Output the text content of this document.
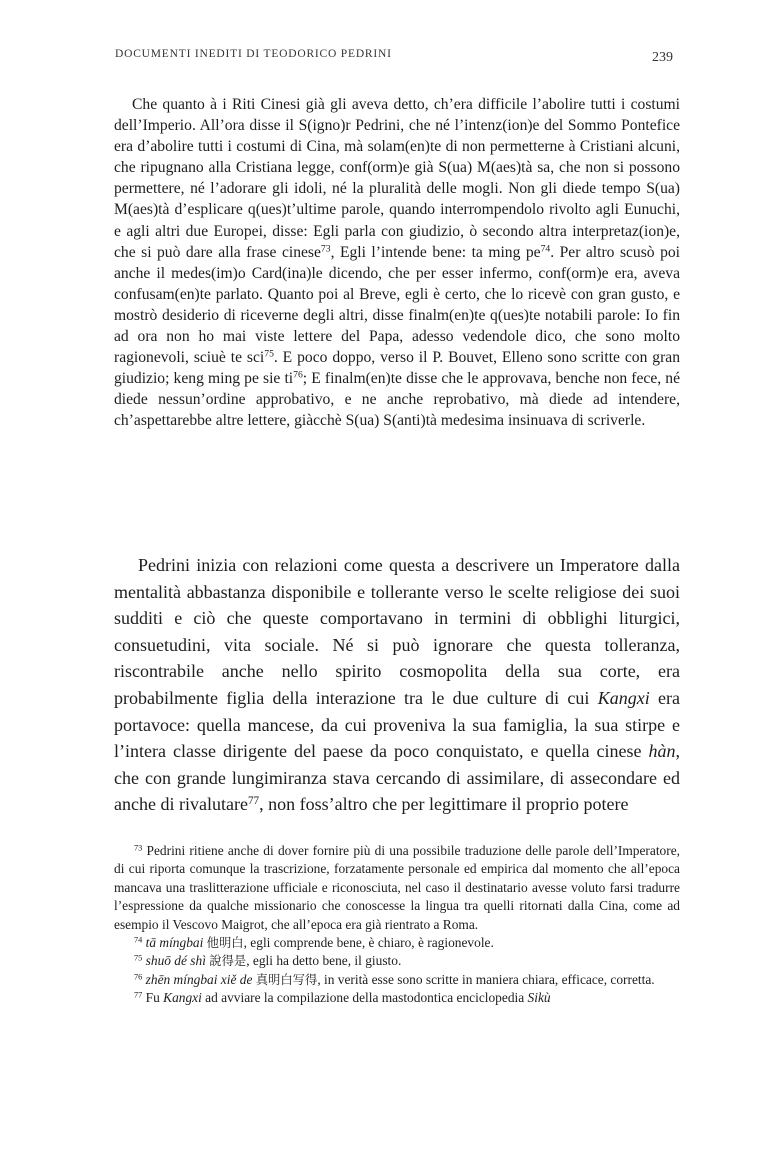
DOCUMENTI INEDITI DI TEODORICO PEDRINI	239

Che quanto à i Riti Cinesi già gli aveva detto, ch’era difficile l’abolire tutti i costumi dell’Imperio. All’ora disse il S(igno)r Pedrini, che né l’intenz(ion)e del Sommo Pontefice era d’abolire tutti i costumi di Cina, mà solam(en)te di non permetterne à Cristiani alcuni, che ripugnano alla Cristiana legge, conf(orm)e già S(ua) M(aes)tà sa, che non si possono permettere, né l’adorare gli idoli, né la pluralità delle mogli. Non gli diede tempo S(ua) M(aes)tà d’esplicare q(ues)t’ultime parole, quando interrompendolo rivolto agli Eunuchi, e agli altri due Europei, disse: Egli parla con giudizio, ò secondo altra interpretaz(ion)e, che si può dare alla frase cinese$^{73}$, Egli l’intende bene: ta ming $pe^{74}$. Per altro scusò poi anche il medes(im)o Card(ina)le dicendo, che per esser infermo, conf(orm)e era, aveva confusam(en)te parlato. Quanto poi al Breve, egli è certo, che lo ricevè con gran gusto, e mostrò desiderio di riceverne degli altri, disse finalm(en)te q(ues)te notabili parole: Io fin ad ora non ho mai viste lettere del Papa, adesso vedendole dico, che sono molto ragionevoli, sciuè te sci$^{75}$. E poco doppo, verso il P. Bouvet, Elleno sono scritte con gran giudizio; keng ming pe sie $ti^{76}$; E finalm(en)te disse che le approvava, benche non fece, né diede nessun’ordine approbativo, e ne anche reprobativo, mà diede ad intendere, ch’aspettarebbe altre lettere, giàcchè S(ua) S(anti)tà medesima insinuava di scriverle.

Pedrini inizia con relazioni come questa a descrivere un Imperatore dalla mentalità abbastanza disponibile e tollerante verso le scelte religiose dei suoi sudditi e ciò che queste comportavano in termini di obblighi liturgici, consuetudini, vita sociale. Né si può ignorare che questa tolleranza, riscontrabile anche nello spirito cosmopolita della sua corte, era probabilmente figlia della interazione tra le due culture di cui Kangxi era portavoce: quella mancese, da cui proveniva la sua famiglia, la sua stirpe e l’intera classe dirigente del paese da poco conquistato, e quella cinese hàn, che con grande lungimiranza stava cercando di assimilare, di assecondare ed anche di rivalutare$^{77}$, non foss’altro che per legittimare il proprio potere

$^{73}$ Pedrini ritiene anche di dover fornire più di una possibile traduzione delle parole dell’Imperatore, di cui riporta comunque la trascrizione, forzatamente personale ed empirica dal momento che all’epoca mancava una traslitterazione ufficiale e riconosciuta, nel caso il destinatario avesse voluto farsi tradurre l’espressione da qualche missionario che conoscesse la lingua tra quelli ritornati dalla Cina, come ad esempio il Vescovo Maigrot, che all’epoca era già rientrato a Roma.

$^{74}$ tā míngbai 他明白, egli comprende bene, è chiaro, è ragionevole.

$^{75}$ shuō dé shì 說得是, egli ha detto bene, il giusto.

$^{76}$ zhēn míngbai xiě de 真明白写得, in verità esse sono scritte in maniera chiara, efficace, corretta.

$^{77}$ Fu Kangxi ad avviare la compilazione della mastodontica enciclopedia Sikù
